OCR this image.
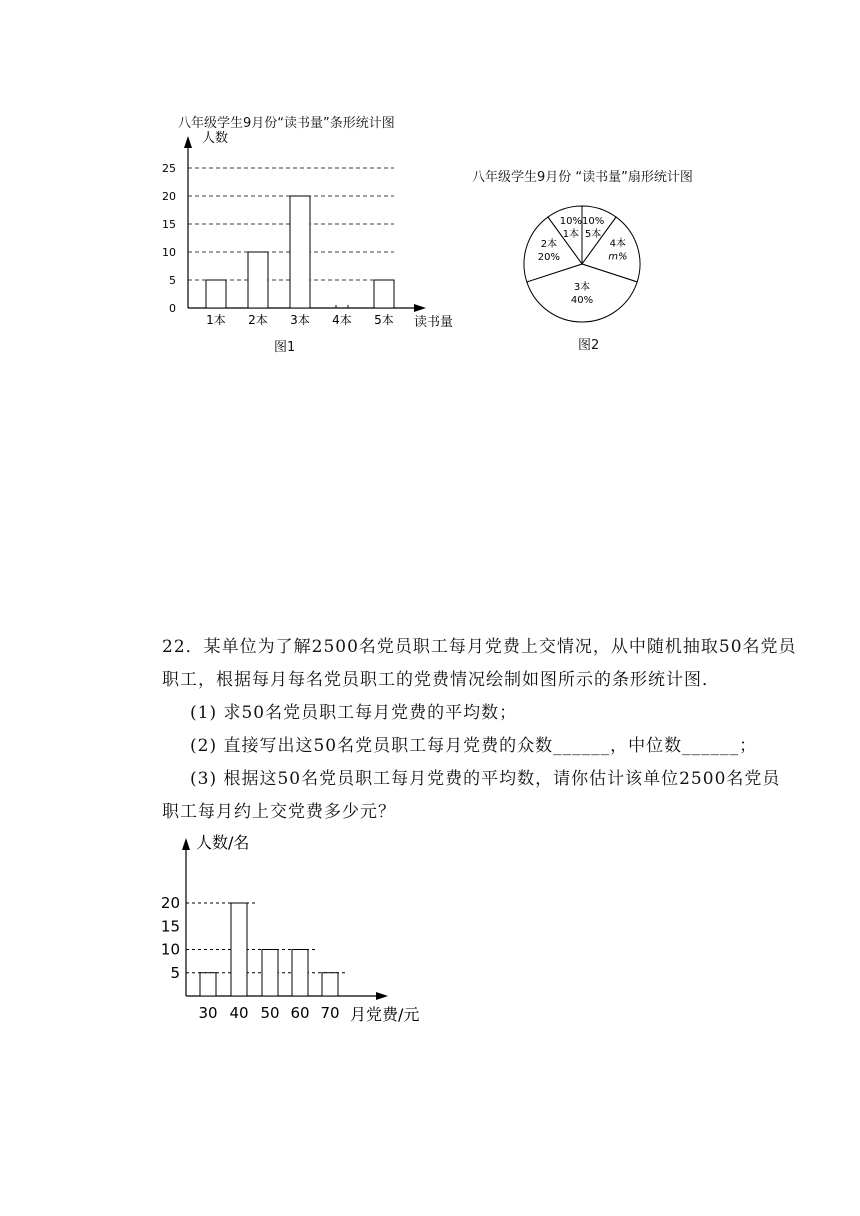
八年级学生9月份“读书量”条形统计图
0
5
10
15
20
25
人数
1本 2本 3本 4本 5本 读书量
图1
八年级学生9月份 “读书量”扇形统计图
1本
10%
5本
10%
4本
m%
3本
40%
2本
20%
图2
22．某单位为了解2500名党员职工每月党费上交情况，从中随机抽取50名党员
职工，根据每月每名党员职工的党费情况绘制如图所示的条形统计图．
(1) 求50名党员职工每月党费的平均数；
(2) 直接写出这50名党员职工每月党费的众数______，中位数______；
(3) 根据这50名党员职工每月党费的平均数，请你估计该单位2500名党员
职工每月约上交党费多少元？
人数/名
5
10
15
20
30 40 50 60 70 月党费/元
